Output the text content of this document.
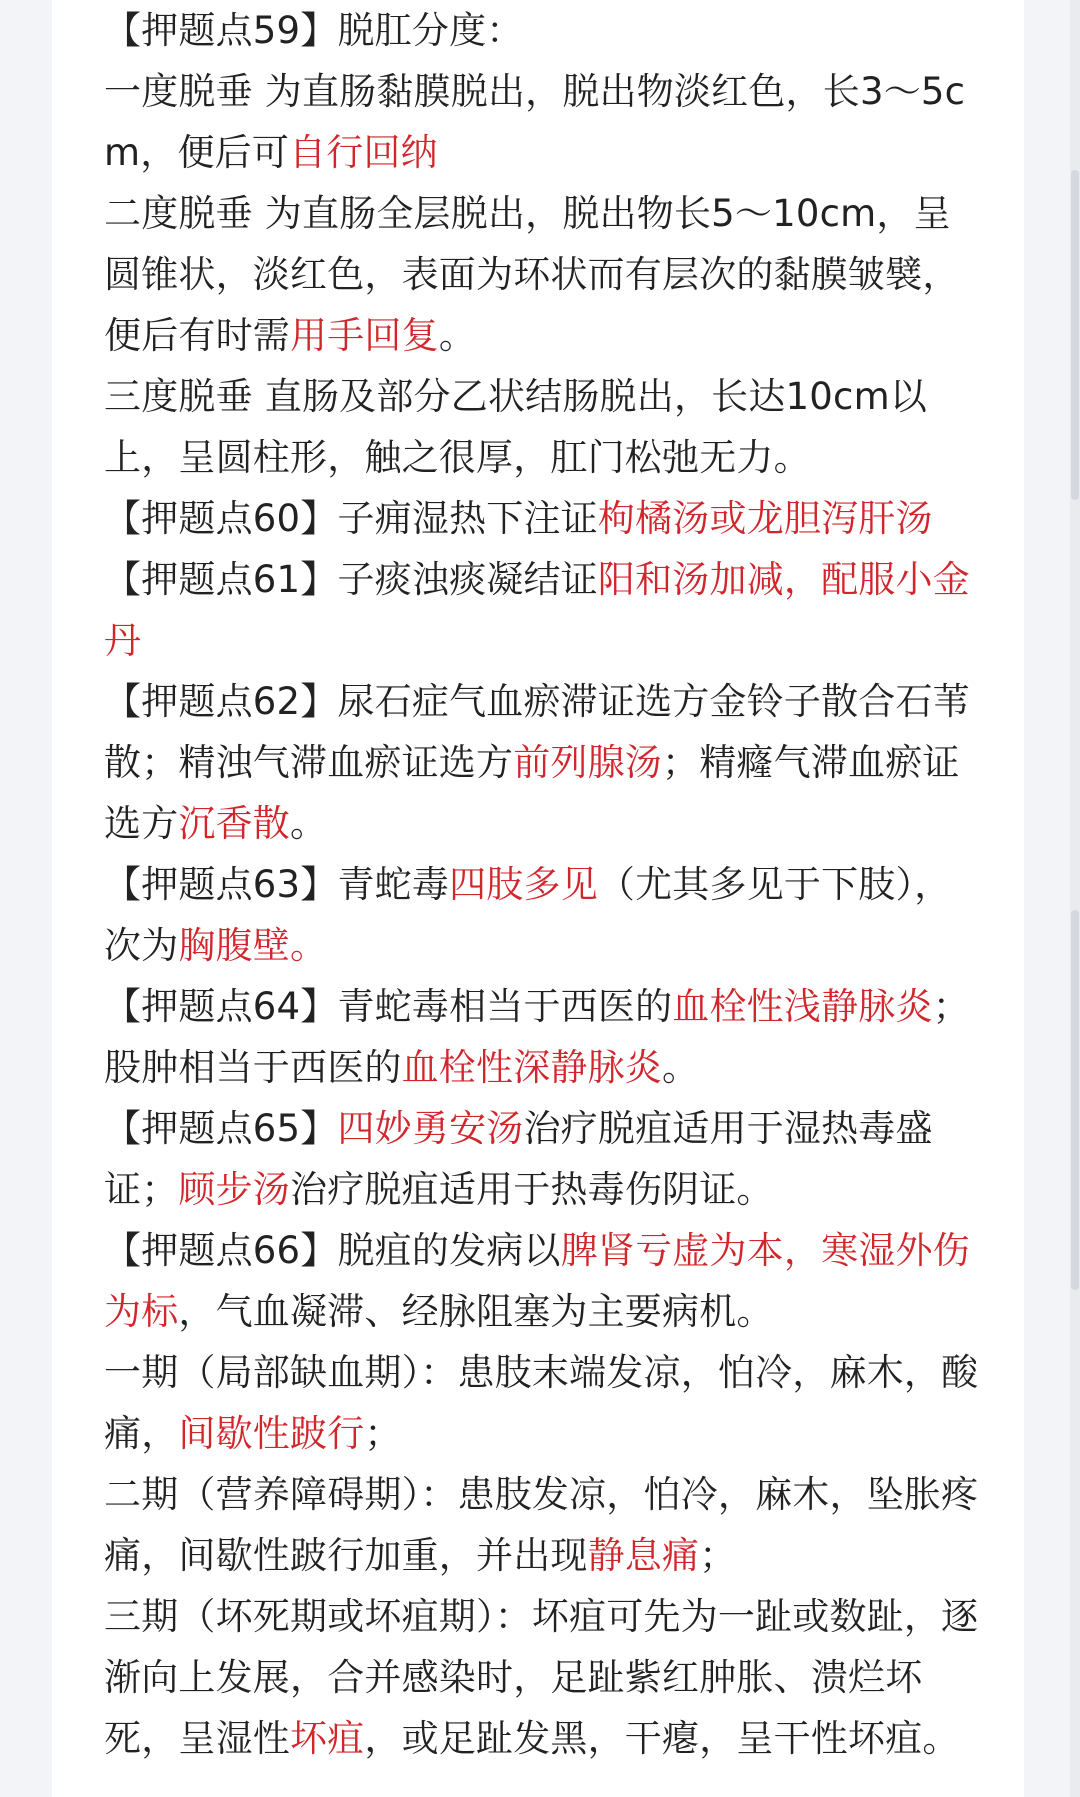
【押题点59】脱肛分度：

一度脱垂 为直肠黏膜脱出，脱出物淡红色，长3～5cm，便后可自行回纳

二度脱垂 为直肠全层脱出，脱出物长5～10cm，呈圆锥状，淡红色，表面为环状而有层次的黏膜皱襞，便后有时需用手回复。

三度脱垂 直肠及部分乙状结肠脱出，长达10cm以上，呈圆柱形，触之很厚，肛门松弛无力。

【押题点60】子痈湿热下注证枸橘汤或龙胆泻肝汤

【押题点61】子痰浊痰凝结证阳和汤加减，配服小金丹

【押题点62】尿石症气血瘀滞证选方金铃子散合石苇散；精浊气滞血瘀证选方前列腺汤；精癃气滞血瘀证选方沉香散。

【押题点63】青蛇毒四肢多见（尤其多见于下肢），次为胸腹壁。

【押题点64】青蛇毒相当于西医的血栓性浅静脉炎；股肿相当于西医的血栓性深静脉炎。

【押题点65】四妙勇安汤治疗脱疽适用于湿热毒盛证；顾步汤治疗脱疽适用于热毒伤阴证。

【押题点66】脱疽的发病以脾肾亏虚为本，寒湿外伤为标，气血凝滞、经脉阻塞为主要病机。

一期（局部缺血期）：患肢末端发凉，怕冷，麻木，酸痛，间歇性跛行；

二期（营养障碍期）：患肢发凉，怕冷，麻木，坠胀疼痛，间歇性跛行加重，并出现静息痛；

三期（坏死期或坏疽期）：坏疽可先为一趾或数趾，逐渐向上发展，合并感染时，足趾紫红肿胀、溃烂坏死，呈湿性坏疽，或足趾发黑，干瘪，呈干性坏疽。
